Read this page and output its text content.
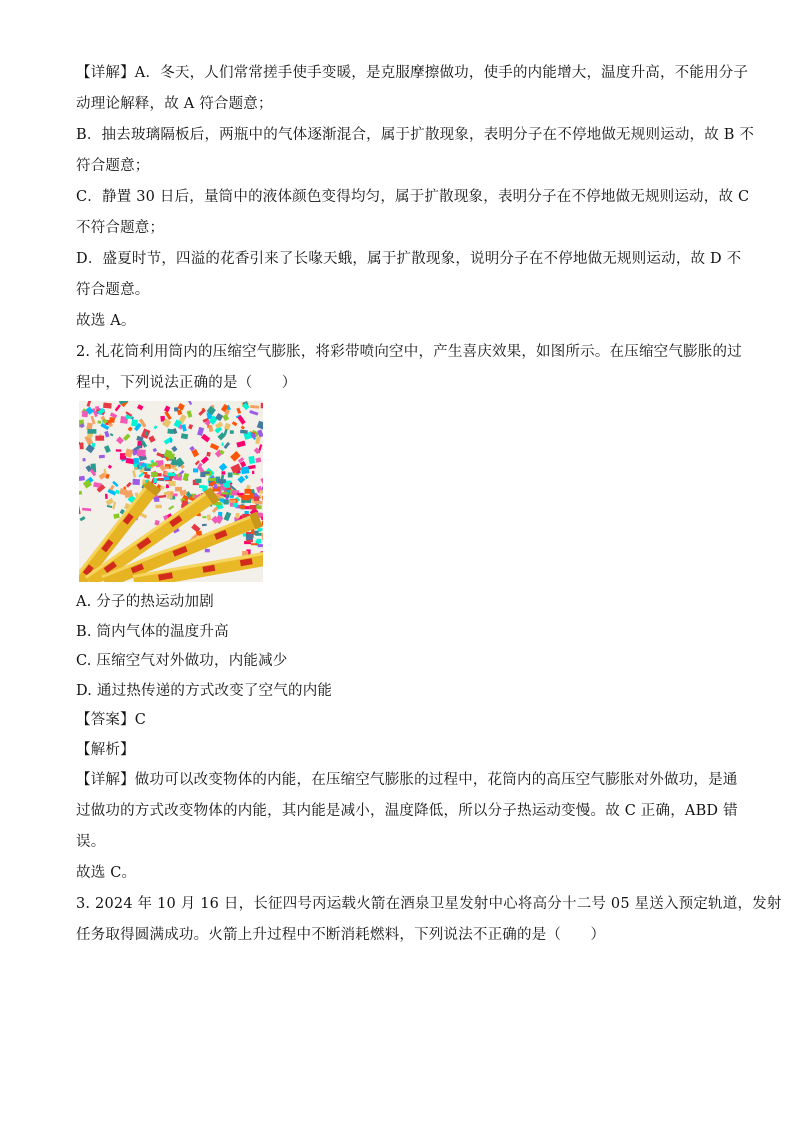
【详解】A．冬天，人们常常搓手使手变暖，是克服摩擦做功，使手的内能增大，温度升高，不能用分子
动理论解释，故 A 符合题意；
B．抽去玻璃隔板后，两瓶中的气体逐渐混合，属于扩散现象，表明分子在不停地做无规则运动，故 B 不
符合题意；
C．静置 30 日后，量筒中的液体颜色变得均匀，属于扩散现象，表明分子在不停地做无规则运动，故 C
不符合题意；
D．盛夏时节，四溢的花香引来了长喙天蛾，属于扩散现象，说明分子在不停地做无规则运动，故 D 不
符合题意。
故选 A。
2. 礼花筒利用筒内的压缩空气膨胀，将彩带喷向空中，产生喜庆效果，如图所示。在压缩空气膨胀的过
程中，下列说法正确的是（　　）
A. 分子的热运动加剧
B. 筒内气体的温度升高
C. 压缩空气对外做功，内能减少
D. 通过热传递的方式改变了空气的内能
【答案】C
【解析】
【详解】做功可以改变物体的内能，在压缩空气膨胀的过程中，花筒内的高压空气膨胀对外做功，是通
过做功的方式改变物体的内能，其内能是减小，温度降低，所以分子热运动变慢。故 C 正确，ABD 错
误。
故选 C。
3. 2024 年 10 月 16 日，长征四号丙运载火箭在酒泉卫星发射中心将高分十二号 05 星送入预定轨道，发射
任务取得圆满成功。火箭上升过程中不断消耗燃料，下列说法不正确的是（　　）
